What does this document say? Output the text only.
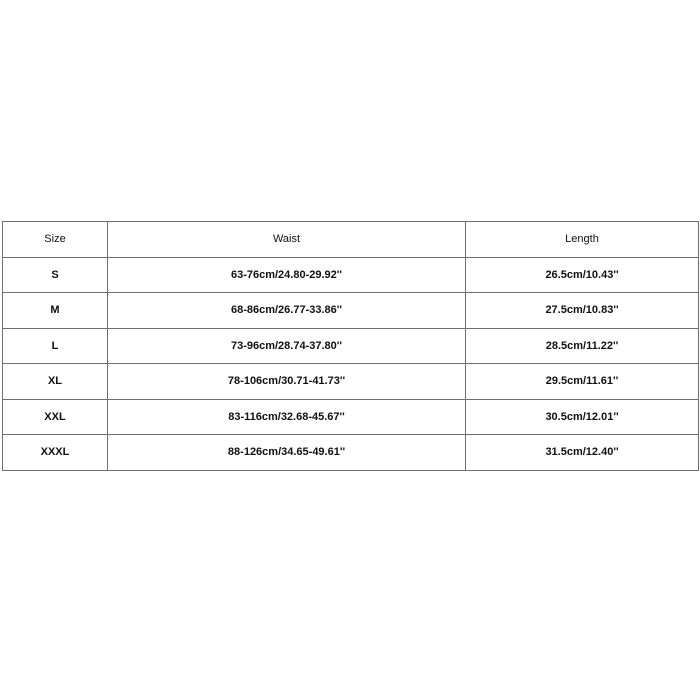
Size	Waist	Length
S	63-76cm/24.80-29.92''	26.5cm/10.43''
M	68-86cm/26.77-33.86''	27.5cm/10.83''
L	73-96cm/28.74-37.80''	28.5cm/11.22''
XL	78-106cm/30.71-41.73''	29.5cm/11.61''
XXL	83-116cm/32.68-45.67''	30.5cm/12.01''
XXXL	88-126cm/34.65-49.61''	31.5cm/12.40''
